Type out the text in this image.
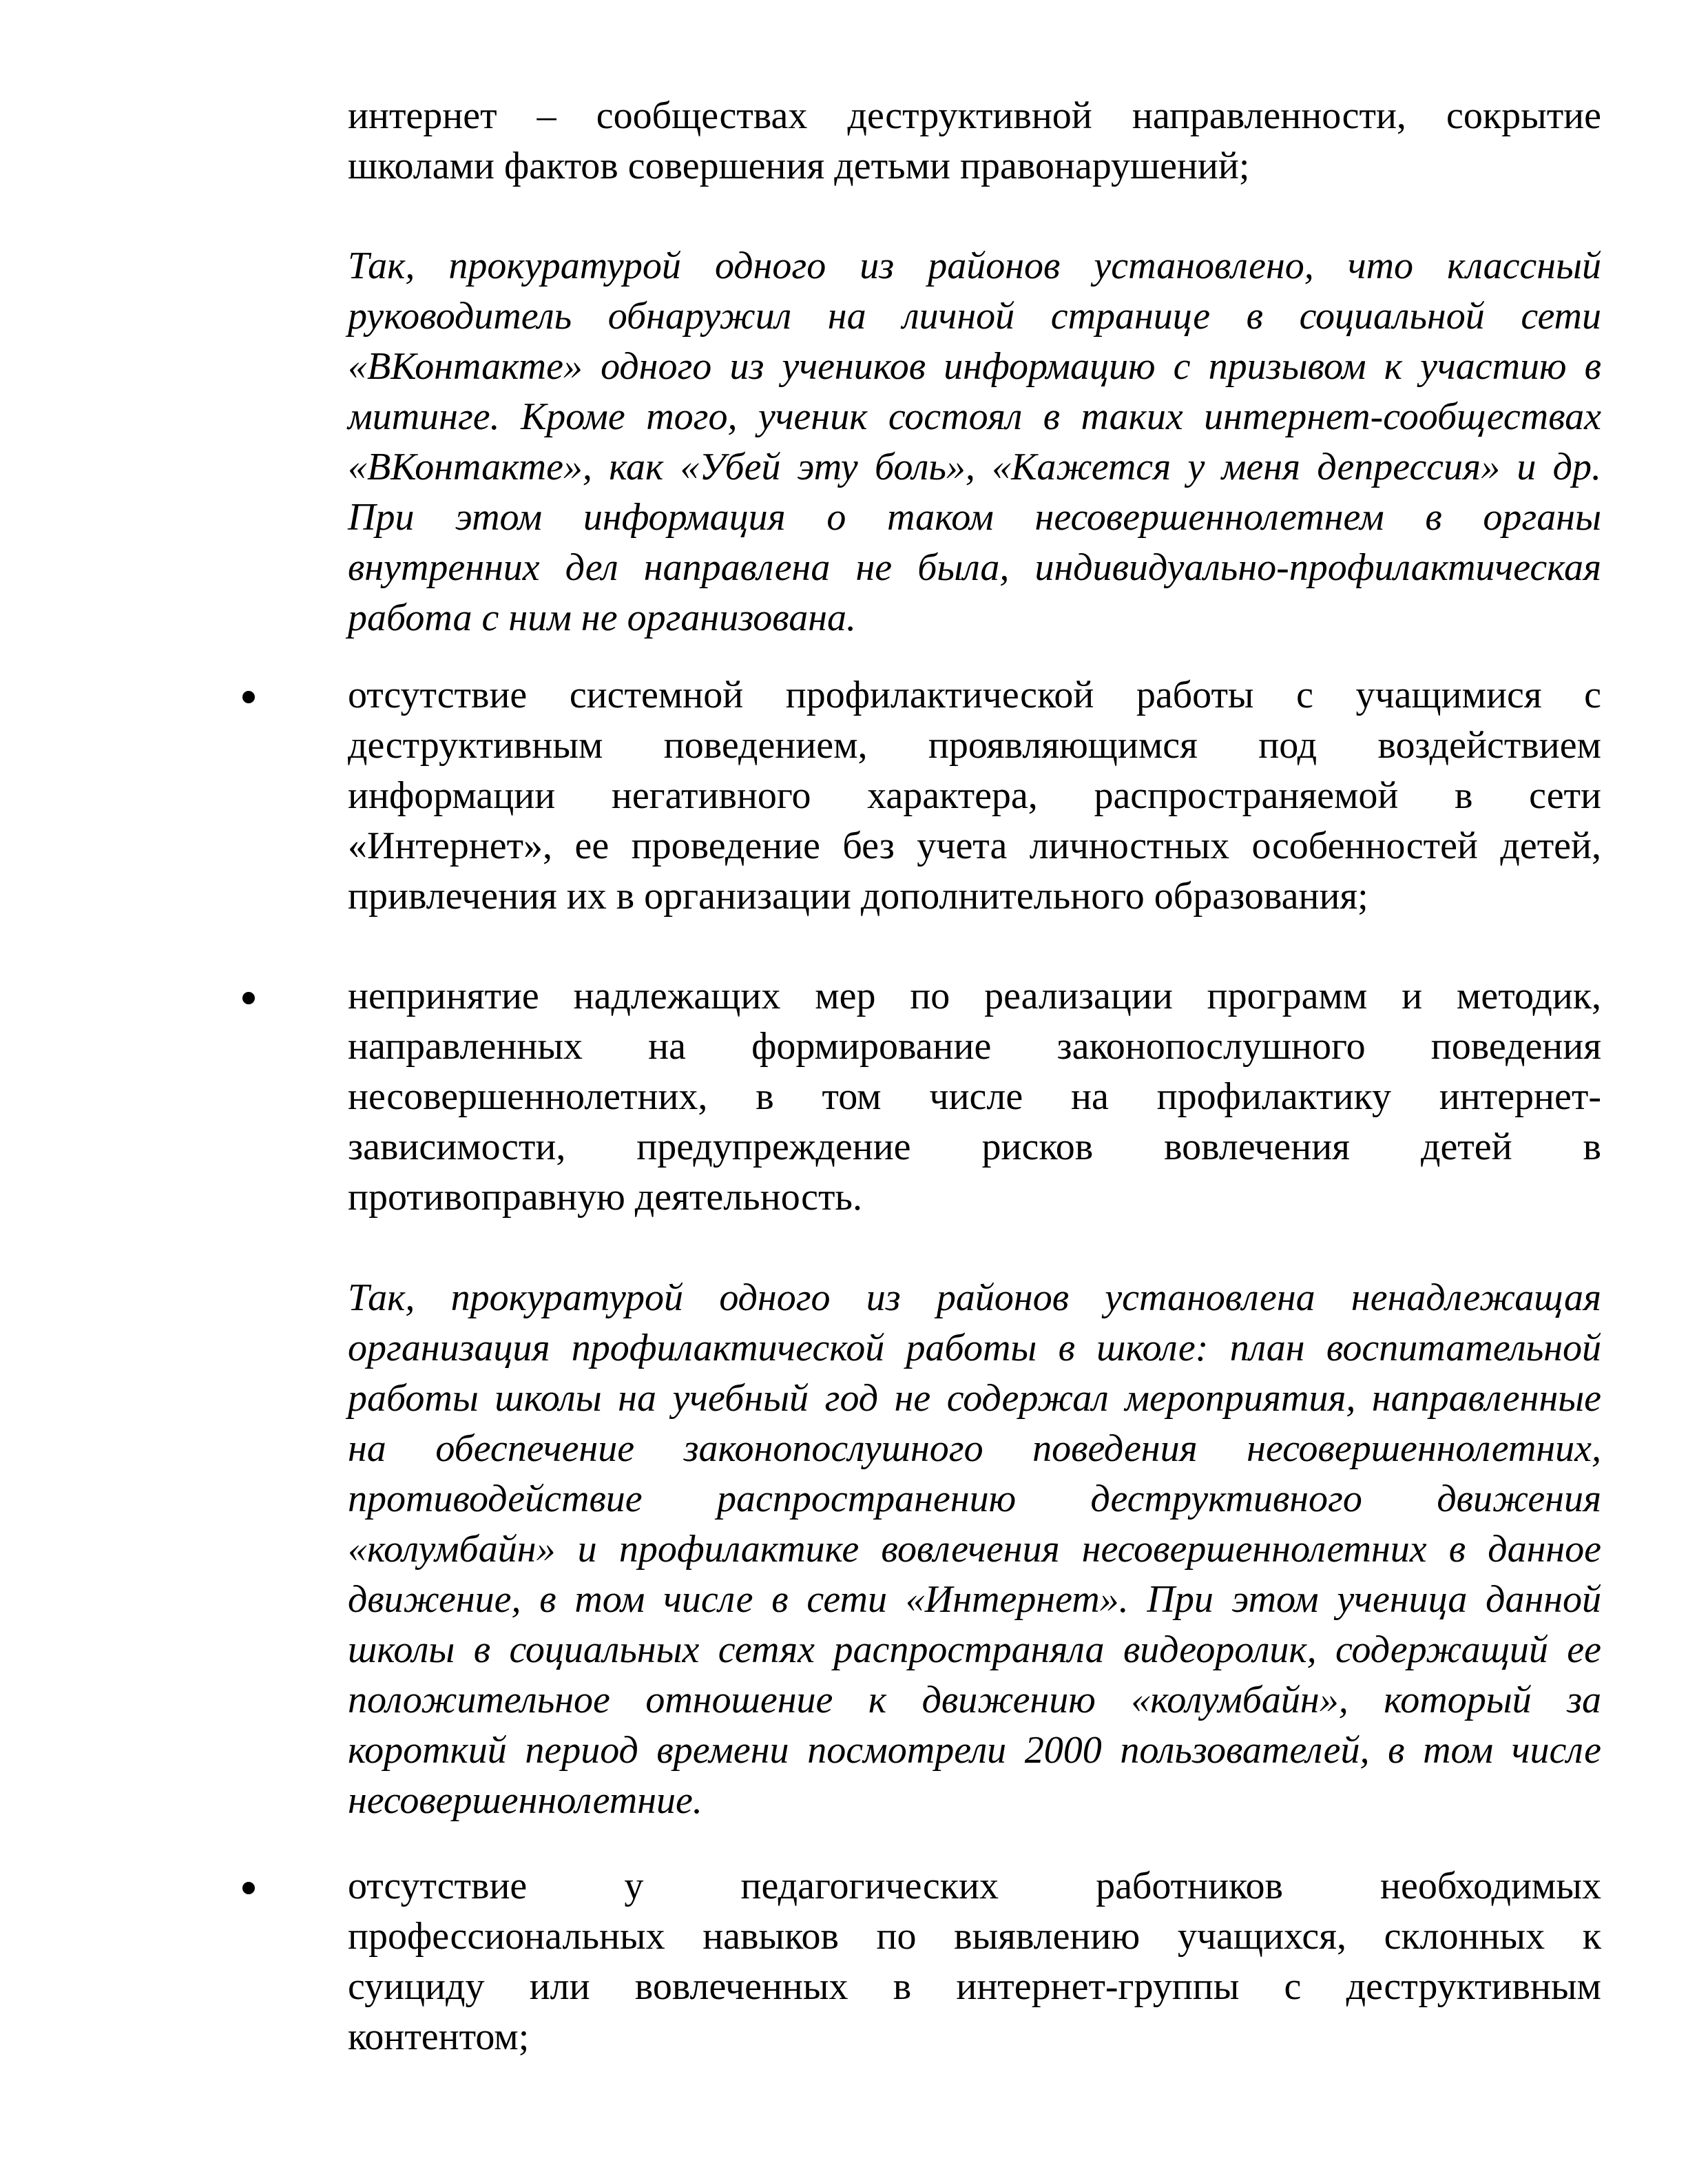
интернет – сообществах деструктивной направленности, сокрытие
школами фактов совершения детьми правонарушений;
Так, прокуратурой одного из районов установлено, что классный
руководитель обнаружил на личной странице в социальной сети
«ВКонтакте» одного из учеников информацию с призывом к участию в
митинге. Кроме того, ученик состоял в таких интернет-сообществах
«ВКонтакте», как «Убей эту боль», «Кажется у меня депрессия» и др.
При этом информация о таком несовершеннолетнем в органы
внутренних дел направлена не была, индивидуально-профилактическая
работа с ним не организована.
отсутствие системной профилактической работы с учащимися с
деструктивным поведением, проявляющимся под воздействием
информации негативного характера, распространяемой в сети
«Интернет», ее проведение без учета личностных особенностей детей,
привлечения их в организации дополнительного образования;
непринятие надлежащих мер по реализации программ и методик,
направленных на формирование законопослушного поведения
несовершеннолетних, в том числе на профилактику интернет-
зависимости, предупреждение рисков вовлечения детей в
противоправную деятельность.
Так, прокуратурой одного из районов установлена ненадлежащая
организация профилактической работы в школе: план воспитательной
работы школы на учебный год не содержал мероприятия, направленные
на обеспечение законопослушного поведения несовершеннолетних,
противодействие распространению деструктивного движения
«колумбайн» и профилактике вовлечения несовершеннолетних в данное
движение, в том числе в сети «Интернет». При этом ученица данной
школы в социальных сетях распространяла видеоролик, содержащий ее
положительное отношение к движению «колумбайн», который за
короткий период времени посмотрели 2000 пользователей, в том числе
несовершеннолетние.
отсутствие у педагогических работников необходимых
профессиональных навыков по выявлению учащихся, склонных к
суициду или вовлеченных в интернет-группы с деструктивным
контентом;
